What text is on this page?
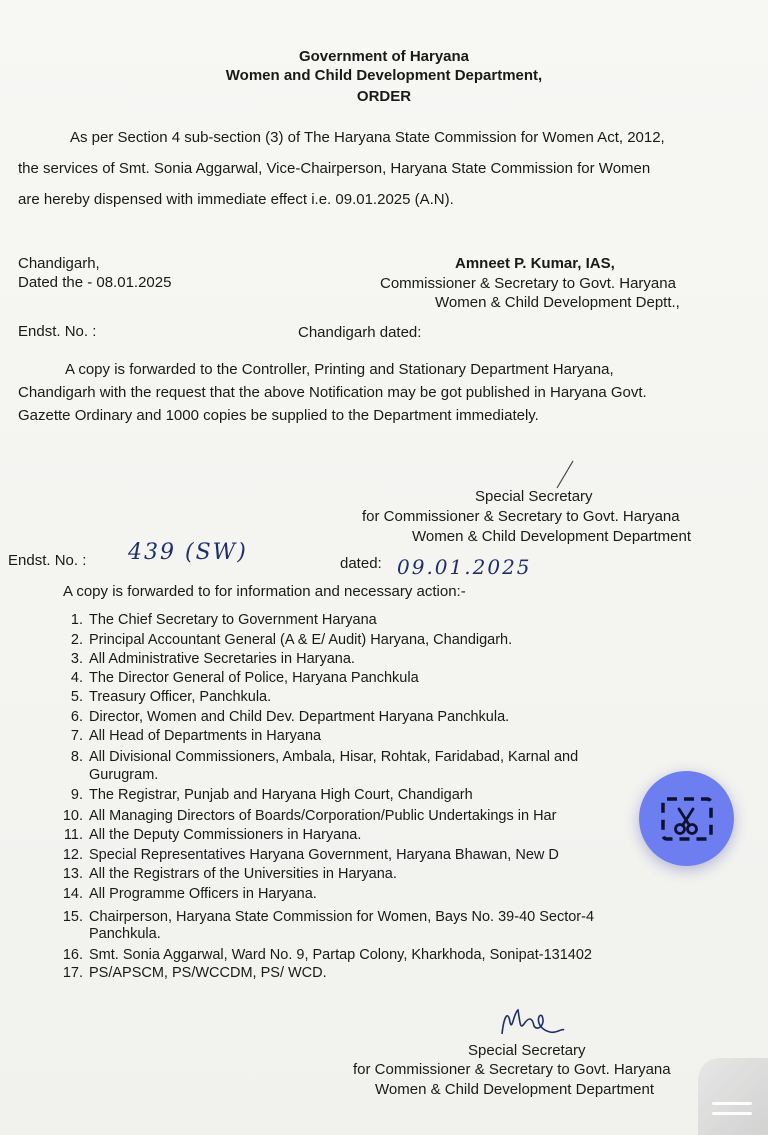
Government of Haryana
Women and Child Development Department,
ORDER
As per Section 4 sub-section (3) of The Haryana State Commission for Women Act, 2012,
the services of Smt. Sonia Aggarwal, Vice-Chairperson, Haryana State Commission for Women
are hereby dispensed with immediate effect i.e. 09.01.2025 (A.N).
Chandigarh,
Dated the - 08.01.2025
Amneet P. Kumar, IAS,
Commissioner & Secretary to Govt. Haryana
Women & Child Development Deptt.,
Endst. No. :	Chandigarh dated:
A copy is forwarded to the Controller, Printing and Stationary Department Haryana,
Chandigarh with the request that the above Notification may be got published in Haryana Govt.
Gazette Ordinary and 1000 copies be supplied to the Department immediately.
Special Secretary
for Commissioner & Secretary to Govt. Haryana
Women & Child Development Department
Endst. No. : 439 (SW)	dated: 09.01.2025
A copy is forwarded to for information and necessary action:-
1. The Chief Secretary to Government Haryana
2. Principal Accountant General (A & E/ Audit) Haryana, Chandigarh.
3. All Administrative Secretaries in Haryana.
4. The Director General of Police, Haryana Panchkula
5. Treasury Officer, Panchkula.
6. Director, Women and Child Dev. Department Haryana Panchkula.
7. All Head of Departments in Haryana
8. All Divisional Commissioners, Ambala, Hisar, Rohtak, Faridabad, Karnal and
Gurugram.
9. The Registrar, Punjab and Haryana High Court, Chandigarh
10. All Managing Directors of Boards/Corporation/Public Undertakings in Har
11. All the Deputy Commissioners in Haryana.
12. Special Representatives Haryana Government, Haryana Bhawan, New D
13. All the Registrars of the Universities in Haryana.
14. All Programme Officers in Haryana.
15. Chairperson, Haryana State Commission for Women, Bays No. 39-40 Sector-4
Panchkula.
16. Smt. Sonia Aggarwal, Ward No. 9, Partap Colony, Kharkhoda, Sonipat-131402
17. PS/APSCM, PS/WCCDM, PS/ WCD.
Special Secretary
for Commissioner & Secretary to Govt. Haryana
Women & Child Development Department
